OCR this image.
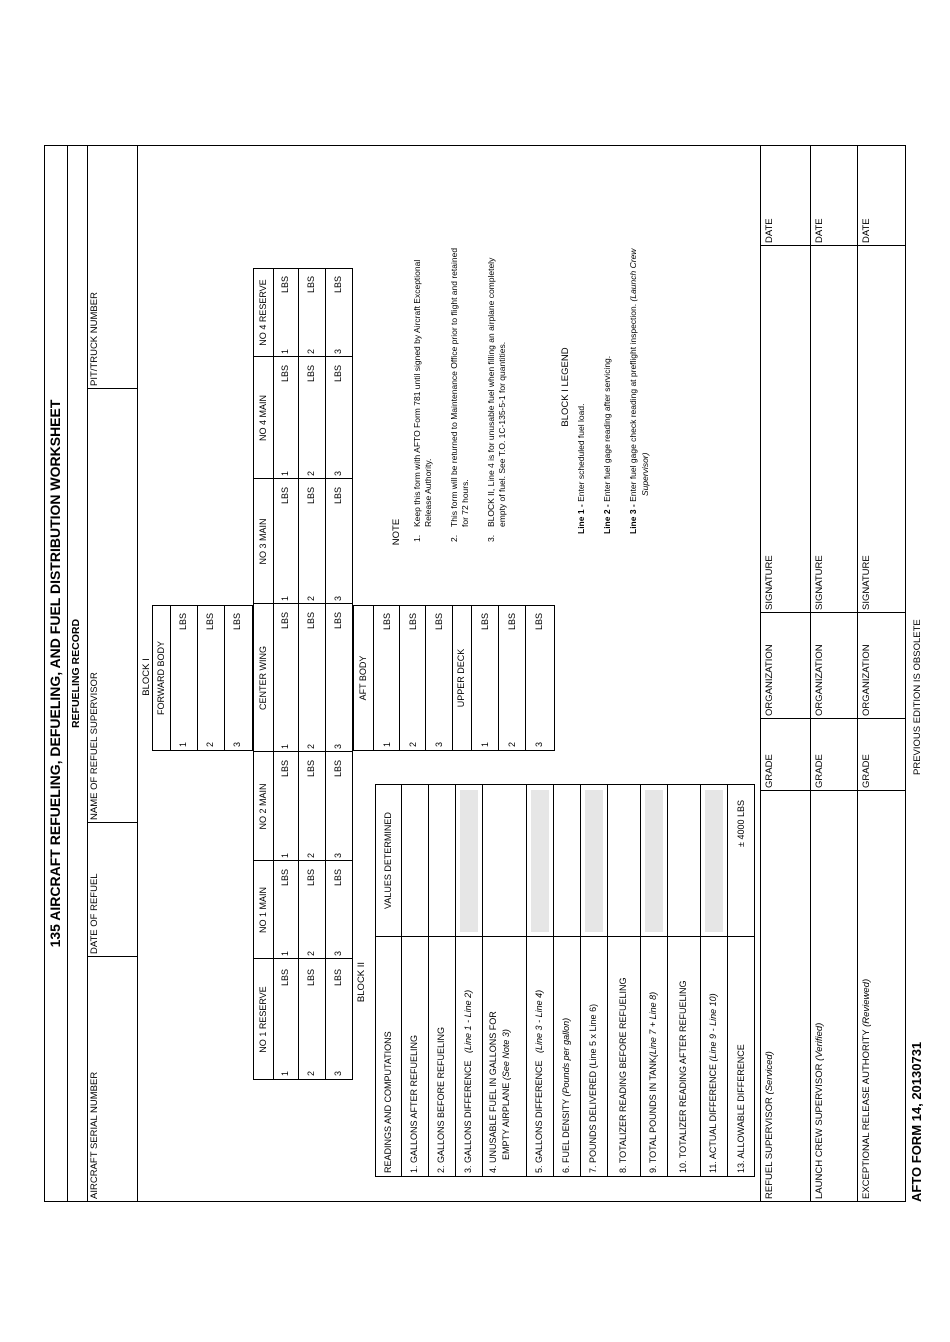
135 AIRCRAFT REFUELING, DEFUELING, AND FUEL DISTRIBUTION WORKSHEET REFUELING RECORD
AIRCRAFT SERIAL NUMBER
DATE OF REFUEL
NAME OF REFUEL SUPERVISOR
PIT/TRUCK NUMBER
NO 1 RESERVE
NO 1 MAIN
NO 2 MAIN
CENTER WING
NO 3 MAIN
NO 4 MAIN
NO 4 RESERVE
1
LBS
1
LBS
1
LBS
1
LBS
1
LBS
1
LBS
1
LBS
2
LBS
2
LBS
2
LBS
2
LBS
2
LBS
2
LBS
2
LBS
3
LBS
3
LBS
3
LBS
3
LBS
3
LBS
3
LBS
3
LBS
BLOCK I FORWARD BODY
1
LBS
2
LBS
3
LBS
AFT BODY
1
LBS
2
LBS
3
LBS
UPPER DECK
1
LBS
2
LBS
3
LBS
BLOCK II
READINGS AND COMPUTATIONS
VALUES DETERMINED
1. GALLONS AFTER REFUELING 2. GALLONS BEFORE REFUELING 3. GALLONS DIFFERENCE   (Line 1 - Line 2) 4. UNUSABLE FUEL IN GALLONS FOR EMPTY AIRPLANE (See Note 3)
5. GALLONS DIFFERENCE   (Line 3 - Line 4)
6. FUEL DENSITY (Pounds per gallon) 7. POUNDS DELIVERED (Line 5 x Line 6) 8. TOTALIZER READING BEFORE REFUELING 9. TOTAL POUNDS IN TANK(Line 7 + Line 8) 10. TOTALIZER READING AFTER REFUELING 11. ACTUAL DIFFERENCE (Line 9 - Line 10)
13. ALLOWABLE DIFFERENCE
± 4000 LBS
NOTE 1.
Keep this form with AFTO Form 781 until signed by Aircraft Exceptional Release Authority.
2.
This form will be returned to Maintenance Office prior to flight and retained for 72 hours.
3.
BLOCK II, Line 4 is for unusable fuel when filling an airplane completely empty of fuel. See T.O. 1C-135-5-1 for quantities.	BLOCK I LEGEND
Line 1 - Enter scheduled fuel load.
Line 2 - Enter fuel gage reading after servicing.
Line 3 - Enter fuel gage check reading at preflight inspection. (Launch Crew
Supervisor)
REFUEL SUPERVISOR (Serviced)
GRADE
ORGANIZATION
SIGNATURE
DATE
LAUNCH CREW SUPERVISOR (Verified)
GRADE
ORGANIZATION
SIGNATURE
DATE
EXCEPTIONAL RELEASE AUTHORITY (Reviewed)
GRADE
ORGANIZATION
SIGNATURE
DATE
AFTO FORM 14, 20130731
PREVIOUS EDITION IS OBSOLETE
